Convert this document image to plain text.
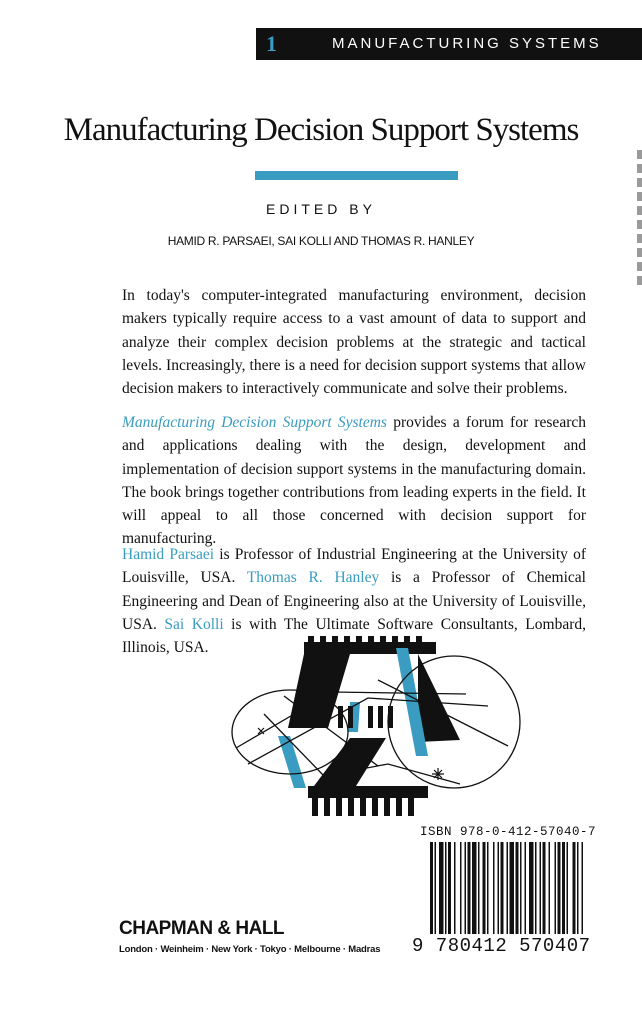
1	MANUFACTURING SYSTEMS
Manufacturing Decision Support Systems
EDITED BY
HAMID R. PARSAEI, SAI KOLLI AND THOMAS R. HANLEY

In today's computer-integrated manufacturing environment, decision makers typically require access to a vast amount of data to support and analyze their complex decision problems at the strategic and tactical levels. Increasingly, there is a need for decision support systems that allow decision makers to interactively communicate and solve their problems.

Manufacturing Decision Support Systems provides a forum for research and applications dealing with the design, development and implementation of decision support systems in the manufacturing domain. The book brings together contributions from leading experts in the field. It will appeal to all those concerned with decision support for manufacturing.

Hamid Parsaei is Professor of Industrial Engineering at the University of Louisville, USA. Thomas R. Hanley is a Professor of Chemical Engineering and Dean of Engineering also at the University of Louisville, USA. Sai Kolli is with The Ultimate Software Consultants, Lombard, Illinois, USA.

ISBN 978-0-412-57040-7
9 780412 570407
CHAPMAN & HALL
London · Weinheim · New York · Tokyo · Melbourne · Madras
